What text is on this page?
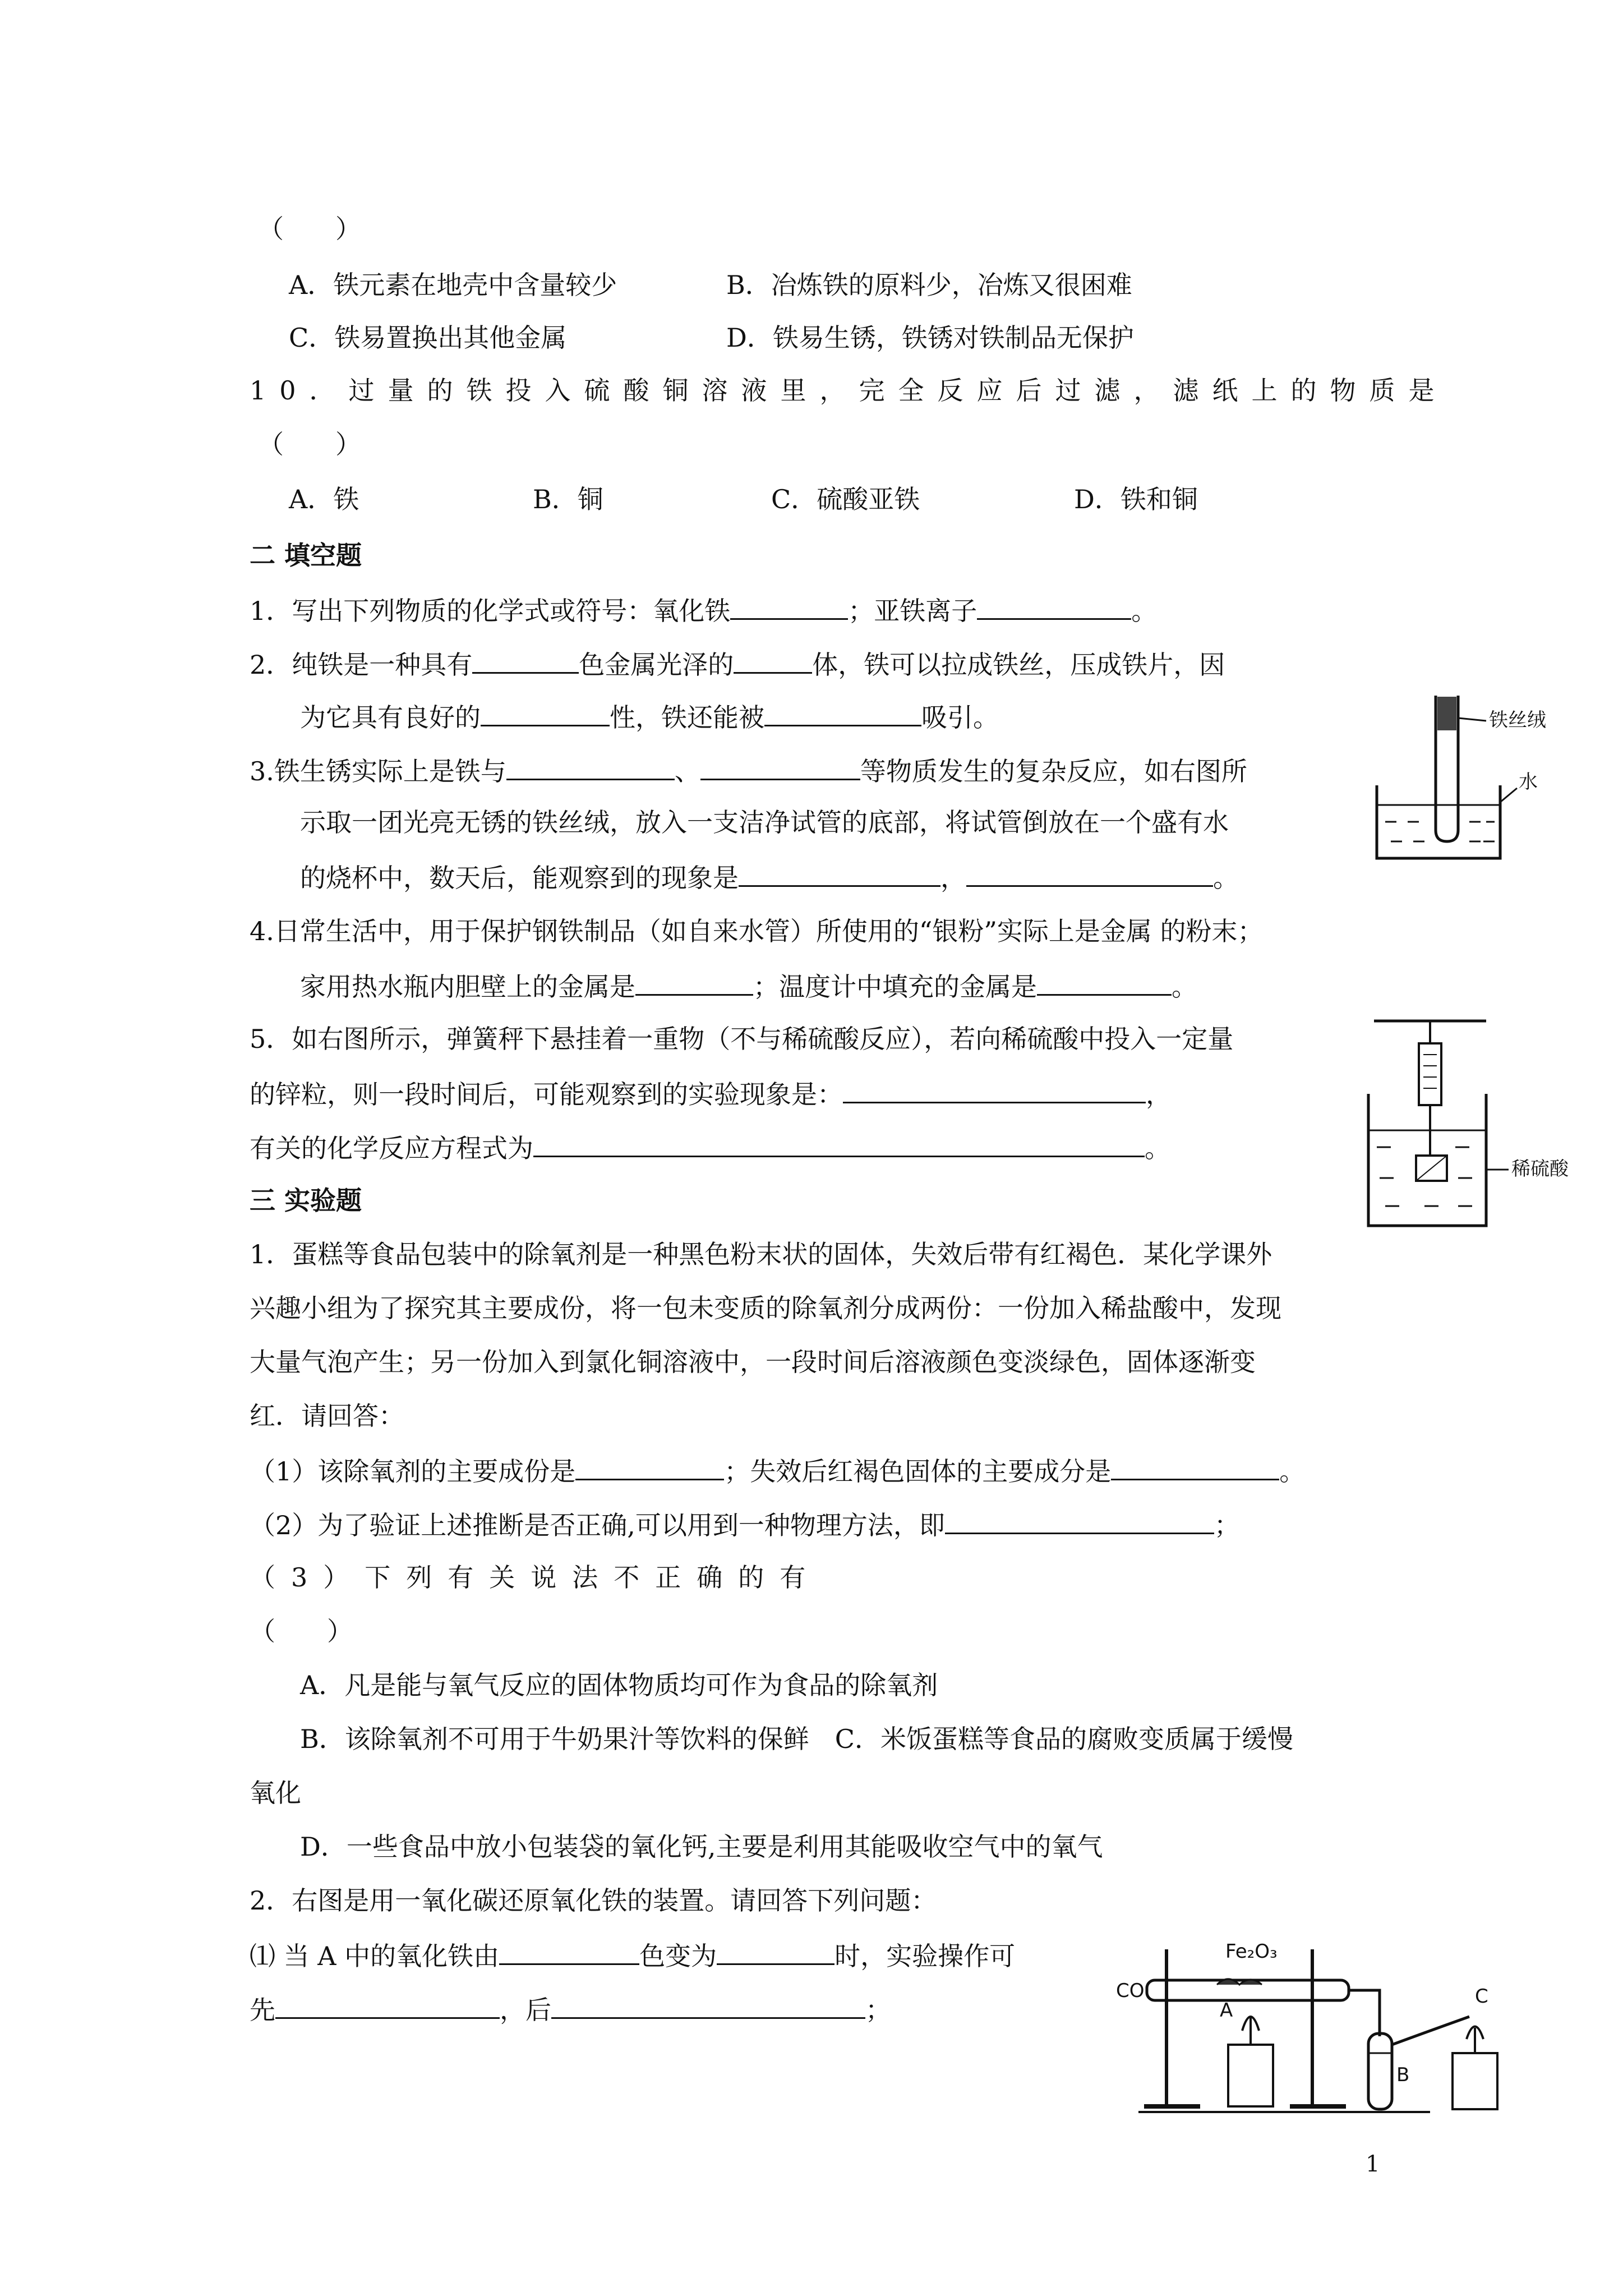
（　　）
A．铁元素在地壳中含量较少	B．冶炼铁的原料少，冶炼又很困难
C．铁易置换出其他金属	D．铁易生锈，铁锈对铁制品无保护
10．过量的铁投入硫酸铜溶液里，完全反应后过滤，滤纸上的物质是
（　　）
A．铁	B．铜	C．硫酸亚铁	D．铁和铜
二 填空题
1．写出下列物质的化学式或符号：氧化铁	；亚铁离子	。
2．纯铁是一种具有	色金属光泽的	体，铁可以拉成铁丝，压成铁片，因
为它具有良好的	性，铁还能被	吸引。
3.铁生锈实际上是铁与	、	等物质发生的复杂反应，如右图所
示取一团光亮无锈的铁丝绒，放入一支洁净试管的底部，将试管倒放在一个盛有水
的烧杯中，数天后，能观察到的现象是	，	。
4.日常生活中，用于保护钢铁制品（如自来水管）所使用的“银粉”实际上是金属 的粉末；
家用热水瓶内胆壁上的金属是	；温度计中填充的金属是	。
5．如右图所示，弹簧秤下悬挂着一重物（不与稀硫酸反应），若向稀硫酸中投入一定量
的锌粒，则一段时间后，可能观察到的实验现象是：	，
有关的化学反应方程式为	。
铁丝绒
水
稀硫酸
三 实验题
1．蛋糕等食品包装中的除氧剂是一种黑色粉末状的固体，失效后带有红褐色．某化学课外
兴趣小组为了探究其主要成份，将一包未变质的除氧剂分成两份：一份加入稀盐酸中，发现
大量气泡产生；另一份加入到氯化铜溶液中，一段时间后溶液颜色变淡绿色，固体逐渐变
红．请回答：
（1）该除氧剂的主要成份是	；失效后红褐色固体的主要成分是	。
（2）为了验证上述推断是否正确,可以用到一种物理方法，即	；
（3）下列有关说法不正确的有
（　　）
A．凡是能与氧气反应的固体物质均可作为食品的除氧剂
B．该除氧剂不可用于牛奶果汁等饮料的保鲜　C．米饭蛋糕等食品的腐败变质属于缓慢
氧化
D．一些食品中放小包装袋的氧化钙,主要是利用其能吸收空气中的氧气
2．右图是用一氧化碳还原氧化铁的装置。请回答下列问题：
⑴ 当 A 中的氧化铁由	色变为	时，实验操作可
先	，后	；
Fe₂O₃
CO
A
B
C
1
